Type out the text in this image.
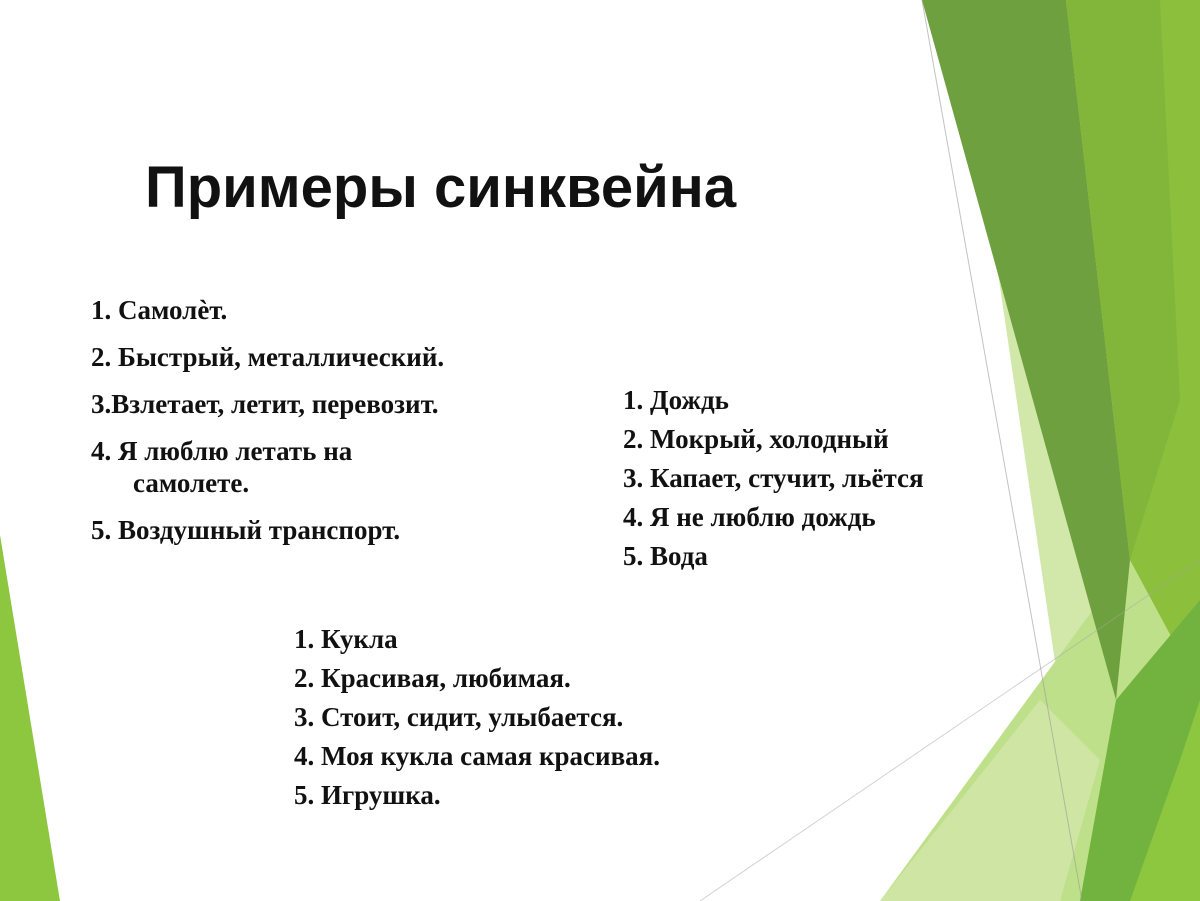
Примеры синквейна
1. Самолѐт.
2. Быстрый, металлический.
3.Взлетает, летит, перевозит.
4. Я люблю летать на
самолете.
5. Воздушный транспорт.
1. Дождь
2. Мокрый, холодный
3. Капает, стучит, льётся
4. Я не люблю дождь
5. Вода
1. Кукла
2. Красивая, любимая.
3. Стоит, сидит, улыбается.
4. Моя кукла самая красивая.
5. Игрушка.
